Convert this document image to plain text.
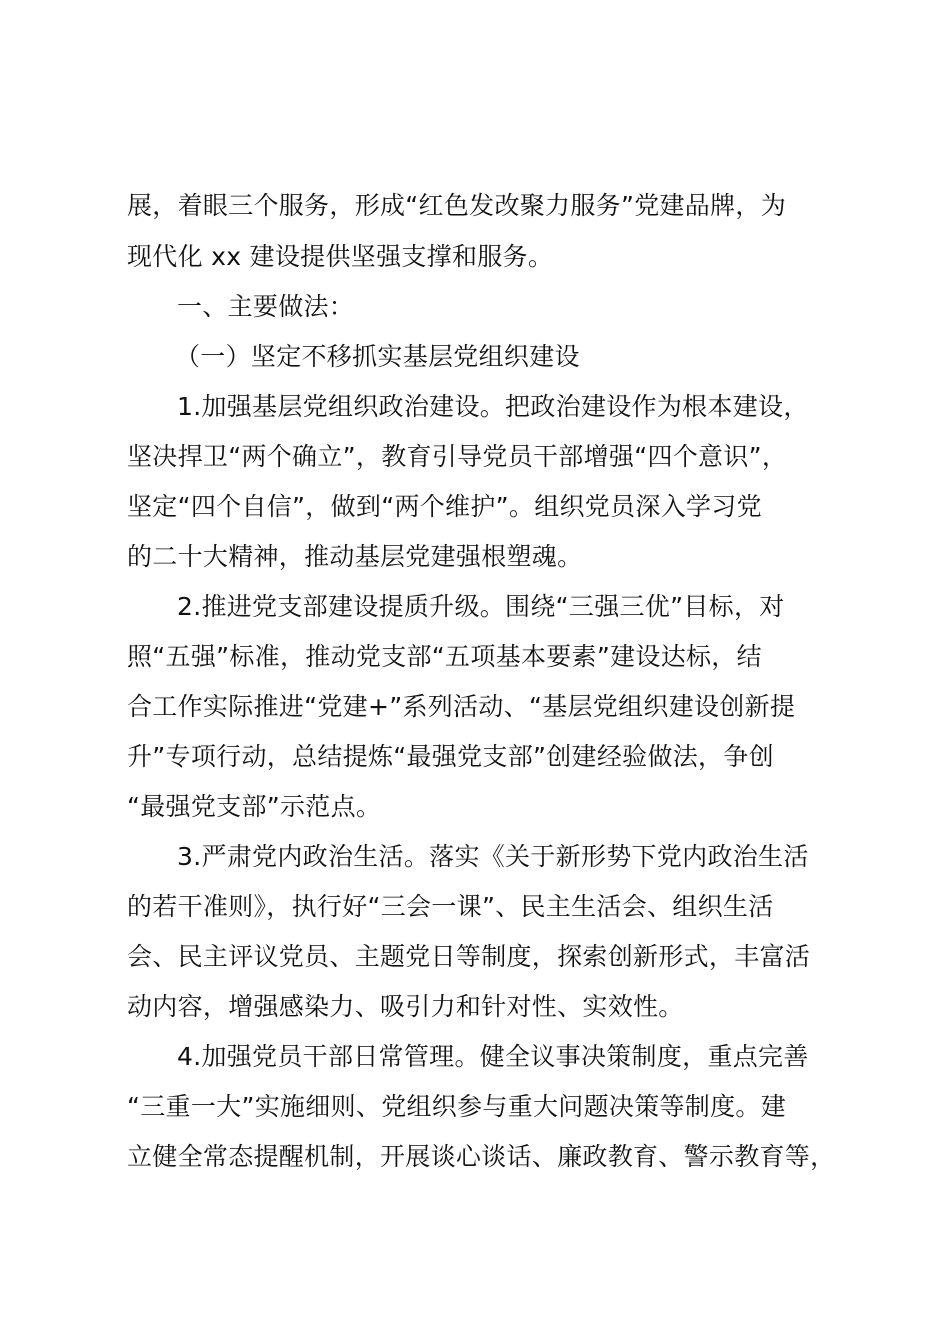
展，着眼三个服务，形成“红色发改聚力服务”党建品牌，为
现代化 xx 建设提供坚强支撑和服务。
一、主要做法：
（一）坚定不移抓实基层党组织建设
1.加强基层党组织政治建设。把政治建设作为根本建设，
坚决捍卫“两个确立”，教育引导党员干部增强“四个意识”，
坚定“四个自信”，做到“两个维护”。组织党员深入学习党
的二十大精神，推动基层党建强根塑魂。
2.推进党支部建设提质升级。围绕“三强三优”目标，对
照“五强”标准，推动党支部“五项基本要素”建设达标，结
合工作实际推进“党建+”系列活动、“基层党组织建设创新提
升”专项行动，总结提炼“最强党支部”创建经验做法，争创
“最强党支部”示范点。
3.严肃党内政治生活。落实《关于新形势下党内政治生活
的若干准则》，执行好“三会一课”、民主生活会、组织生活
会、民主评议党员、主题党日等制度，探索创新形式，丰富活
动内容，增强感染力、吸引力和针对性、实效性。
4.加强党员干部日常管理。健全议事决策制度，重点完善
“三重一大”实施细则、党组织参与重大问题决策等制度。建
立健全常态提醒机制，开展谈心谈话、廉政教育、警示教育等，
